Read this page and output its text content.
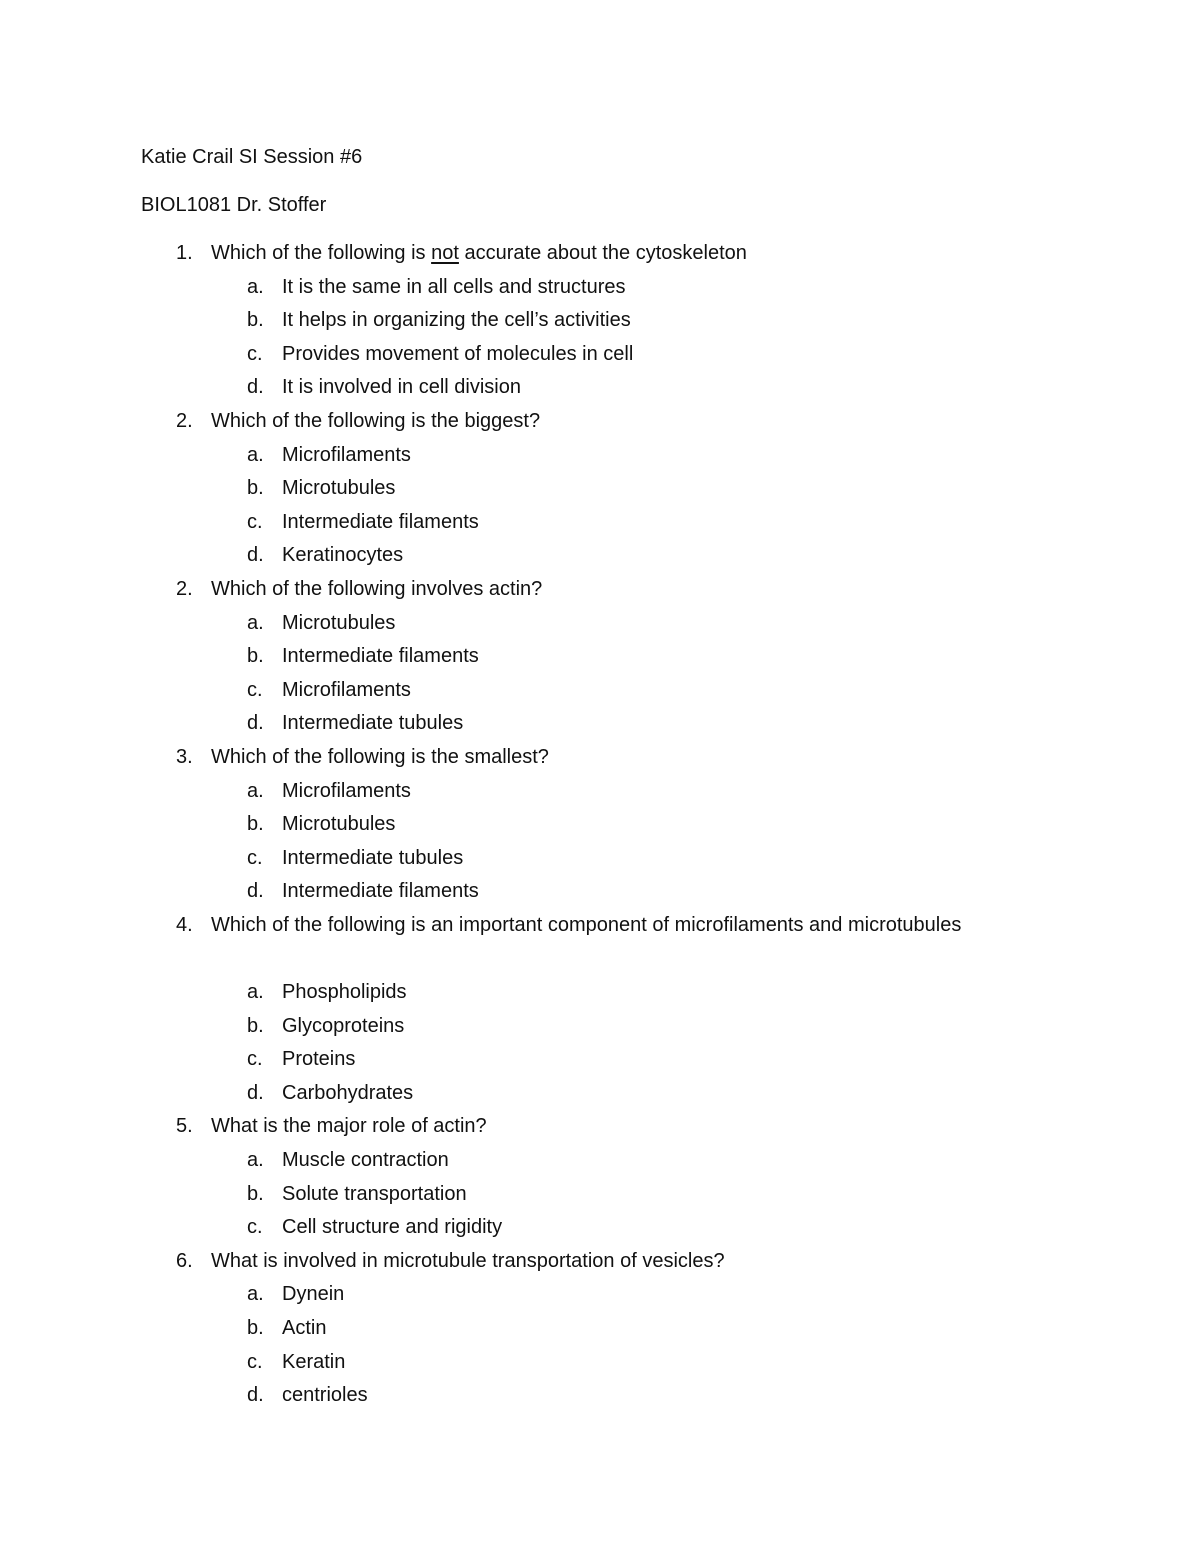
Katie Crail SI Session #6
BIOL1081 Dr. Stoffer
1. Which of the following is not accurate about the cytoskeleton
a. It is the same in all cells and structures
b. It helps in organizing the cell’s activities
c. Provides movement of molecules in cell
d. It is involved in cell division
2. Which of the following is the biggest?
a. Microfilaments
b. Microtubules
c. Intermediate filaments
d. Keratinocytes
2. Which of the following involves actin?
a. Microtubules
b. Intermediate filaments
c. Microfilaments
d. Intermediate tubules
3. Which of the following is the smallest?
a. Microfilaments
b. Microtubules
c. Intermediate tubules
d. Intermediate filaments
4. Which of the following is an important component of microfilaments and microtubules
a. Phospholipids
b. Glycoproteins
c. Proteins
d. Carbohydrates
5. What is the major role of actin?
a. Muscle contraction
b. Solute transportation
c. Cell structure and rigidity
6. What is involved in microtubule transportation of vesicles?
a. Dynein
b. Actin
c. Keratin
d. centrioles
